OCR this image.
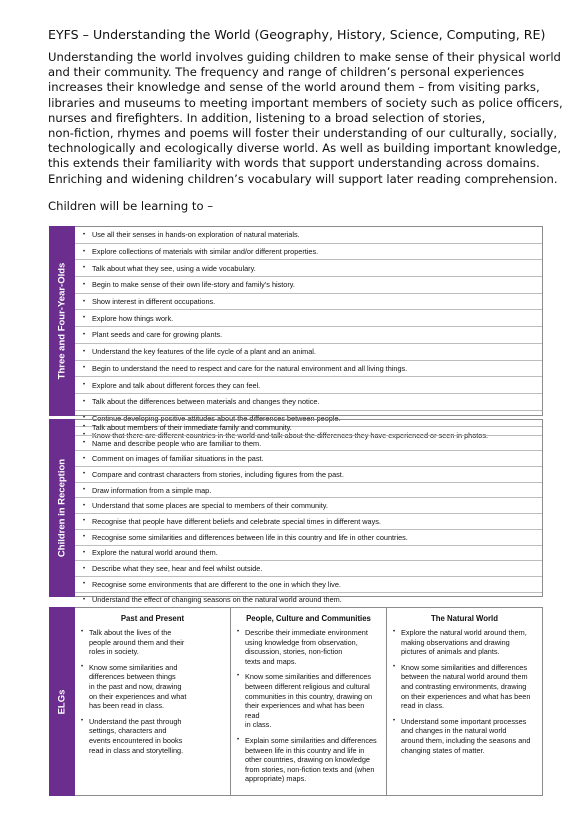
EYFS – Understanding the World (Geography, History, Science, Computing, RE)
Understanding the world involves guiding children to make sense of their physical world
and their community. The frequency and range of children’s personal experiences
increases their knowledge and sense of the world around them – from visiting parks,
libraries and museums to meeting important members of society such as police officers,
nurses and firefighters. In addition, listening to a broad selection of stories,
non-fiction, rhymes and poems will foster their understanding of our culturally, socially,
technologically and ecologically diverse world. As well as building important knowledge,
this extends their familiarity with words that support understanding across domains.
Enriching and widening children’s vocabulary will support later reading comprehension.
Children will be learning to –
Three and Four-Year-Olds
• Use all their senses in hands-on exploration of natural materials.
• Explore collections of materials with similar and/or different properties.
• Talk about what they see, using a wide vocabulary.
• Begin to make sense of their own life-story and family’s history.
• Show interest in different occupations.
• Explore how things work.
• Plant seeds and care for growing plants.
• Understand the key features of the life cycle of a plant and an animal.
• Begin to understand the need to respect and care for the natural environment and all living things.
• Explore and talk about different forces they can feel.
• Talk about the differences between materials and changes they notice.
• Continue developing positive attitudes about the differences between people.
• Know that there are different countries in the world and talk about the differences they have experienced or seen in photos.
Children in Reception
• Talk about members of their immediate family and community.
• Name and describe people who are familiar to them.
• Comment on images of familiar situations in the past.
• Compare and contrast characters from stories, including figures from the past.
• Draw information from a simple map.
• Understand that some places are special to members of their community.
• Recognise that people have different beliefs and celebrate special times in different ways.
• Recognise some similarities and differences between life in this country and life in other countries.
• Explore the natural world around them.
• Describe what they see, hear and feel whilst outside.
• Recognise some environments that are different to the one in which they live.
• Understand the effect of changing seasons on the natural world around them.
ELGs
Past and Present
• Talk about the lives of the
people around them and their
roles in society.
• Know some similarities and
differences between things
in the past and now, drawing
on their experiences and what
has been read in class.
• Understand the past through
settings, characters and
events encountered in books
read in class and storytelling.
People, Culture and Communities
• Describe their immediate environment
using knowledge from observation,
discussion, stories, non-fiction
texts and maps.
• Know some similarities and differences
between different religious and cultural
communities in this country, drawing on
their experiences and what has been read
in class.
• Explain some similarities and differences
between life in this country and life in
other countries, drawing on knowledge
from stories, non-fiction texts and (when
appropriate) maps.
The Natural World
• Explore the natural world around them,
making observations and drawing
pictures of animals and plants.
• Know some similarities and differences
between the natural world around them
and contrasting environments, drawing
on their experiences and what has been
read in class.
• Understand some important processes
and changes in the natural world
around them, including the seasons and
changing states of matter.
